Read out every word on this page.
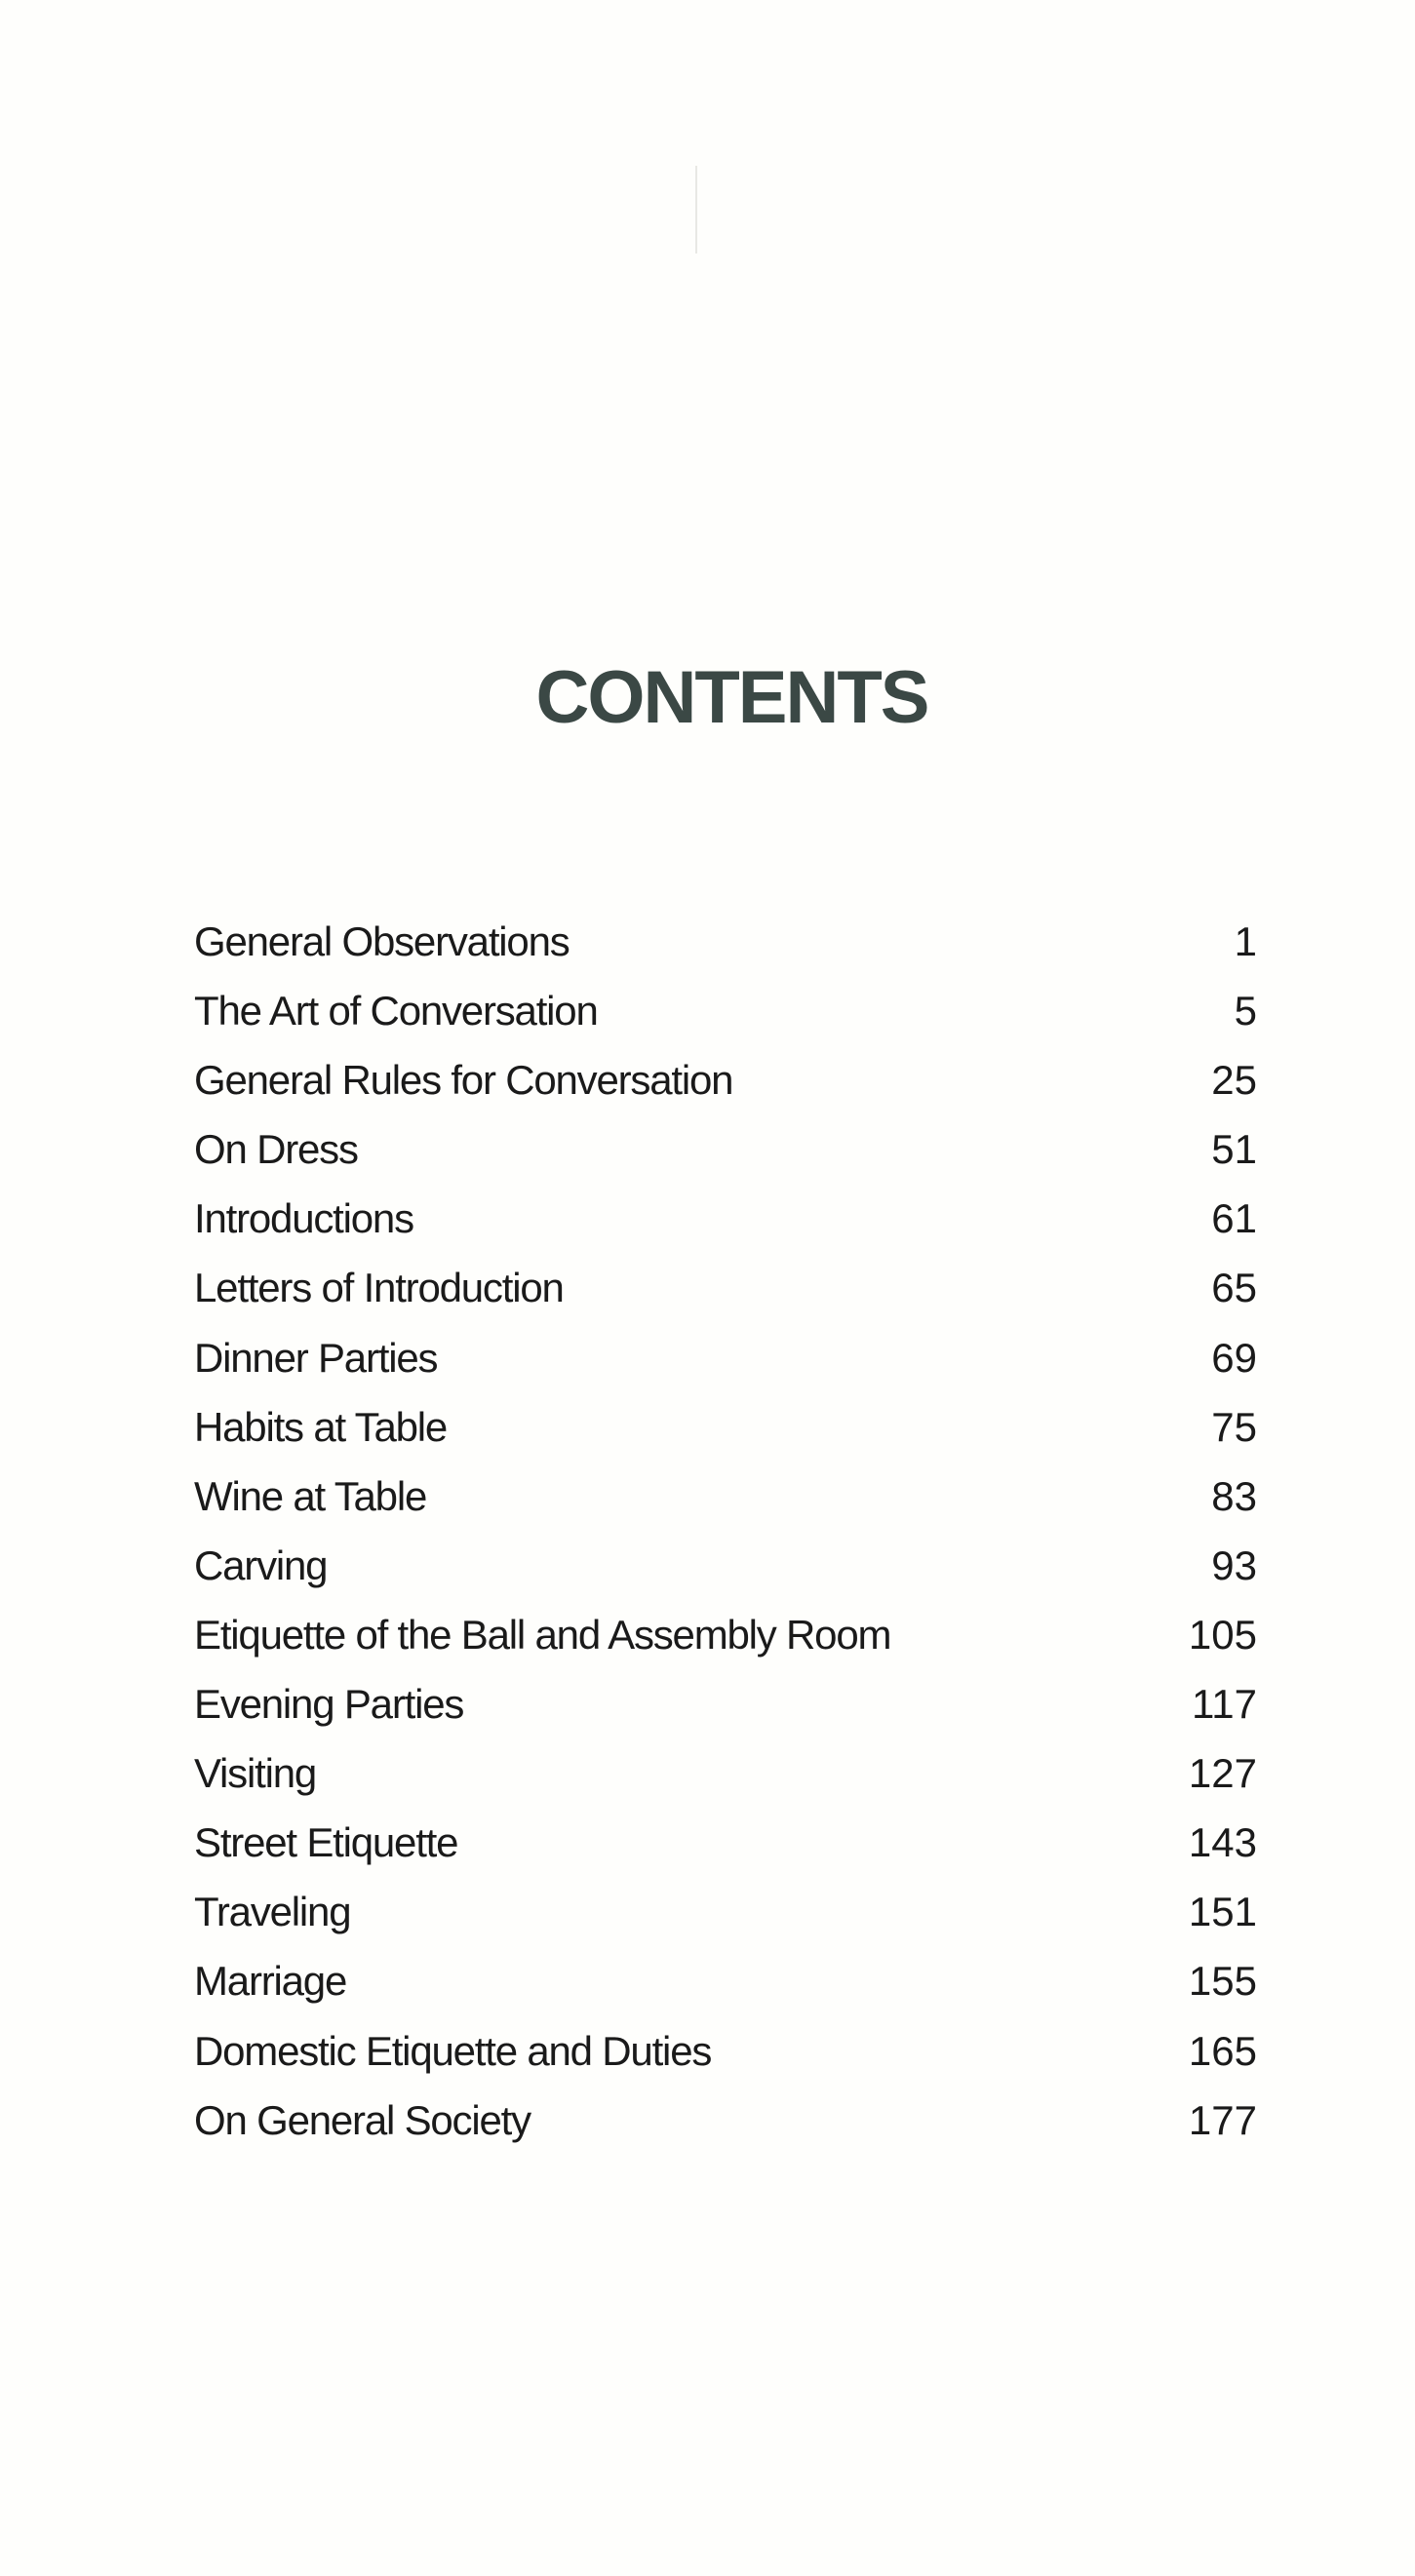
CONTENTS
General Observations	1
The Art of Conversation	5
General Rules for Conversation	25
On Dress	51
Introductions	61
Letters of Introduction	65
Dinner Parties	69
Habits at Table	75
Wine at Table	83
Carving	93
Etiquette of the Ball and Assembly Room	105
Evening Parties	117
Visiting	127
Street Etiquette	143
Traveling	151
Marriage	155
Domestic Etiquette and Duties	165
On General Society	177
